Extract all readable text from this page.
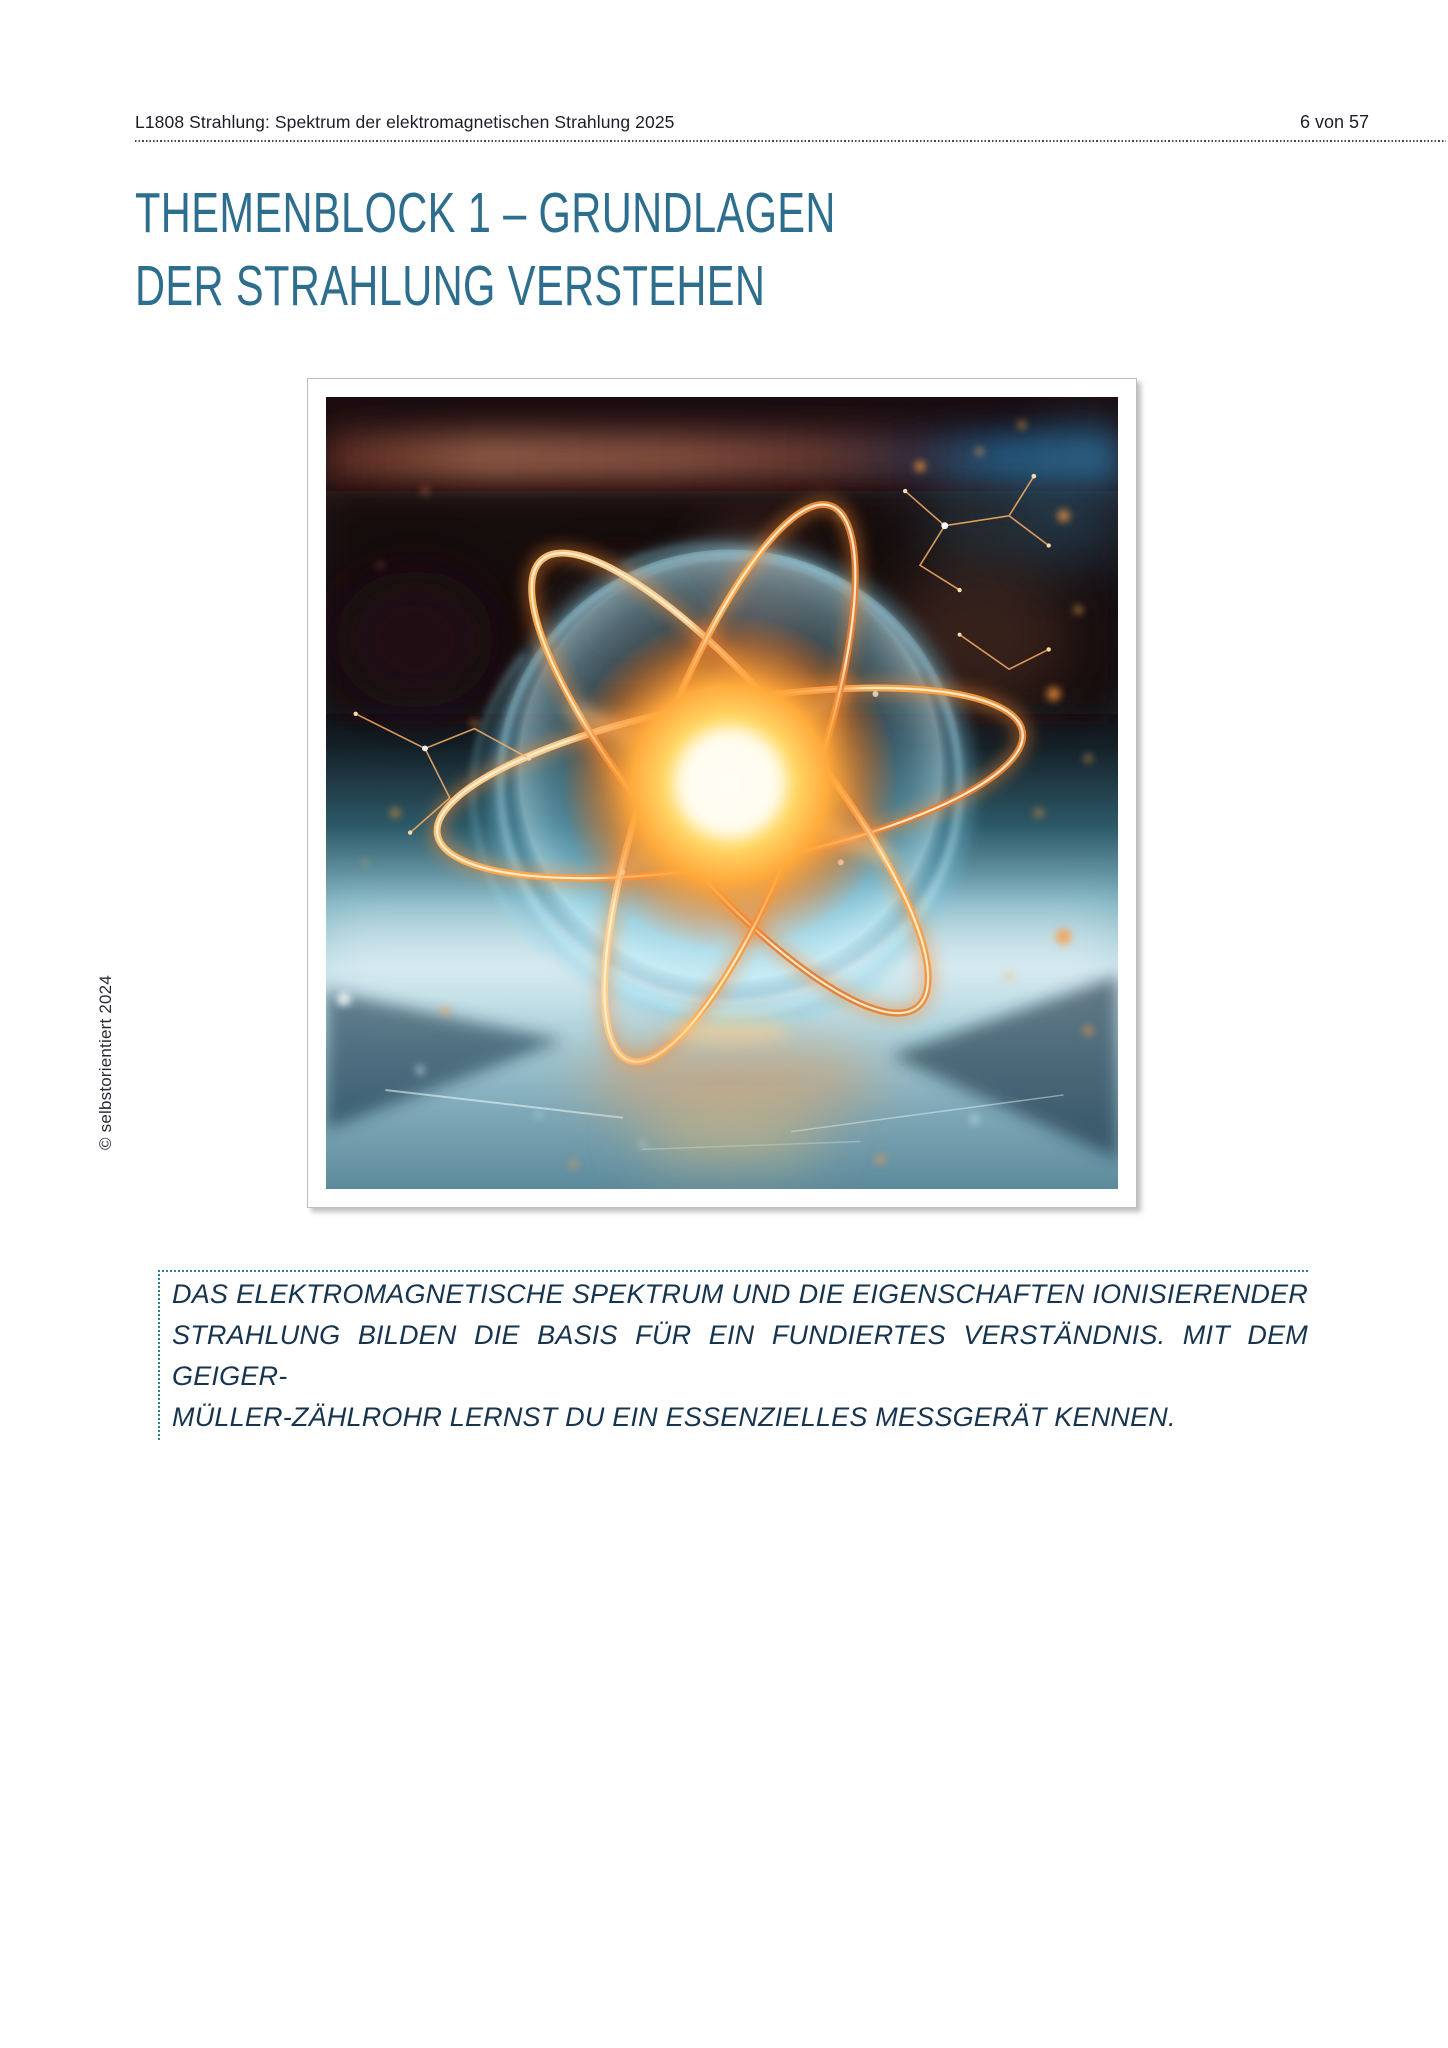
L1808 Strahlung: Spektrum der elektromagnetischen Strahlung 2025	6 von 57
THEMENBLOCK 1 – GRUNDLAGEN
DER STRAHLUNG VERSTEHEN
© selbstorientiert 2024
DAS ELEKTROMAGNETISCHE SPEKTRUM UND DIE EIGENSCHAFTEN IONISIERENDER
STRAHLUNG BILDEN DIE BASIS FÜR EIN FUNDIERTES VERSTÄNDNIS. MIT DEM GEIGER-
MÜLLER-ZÄHLROHR LERNST DU EIN ESSENZIELLES MESSGERÄT KENNEN.
